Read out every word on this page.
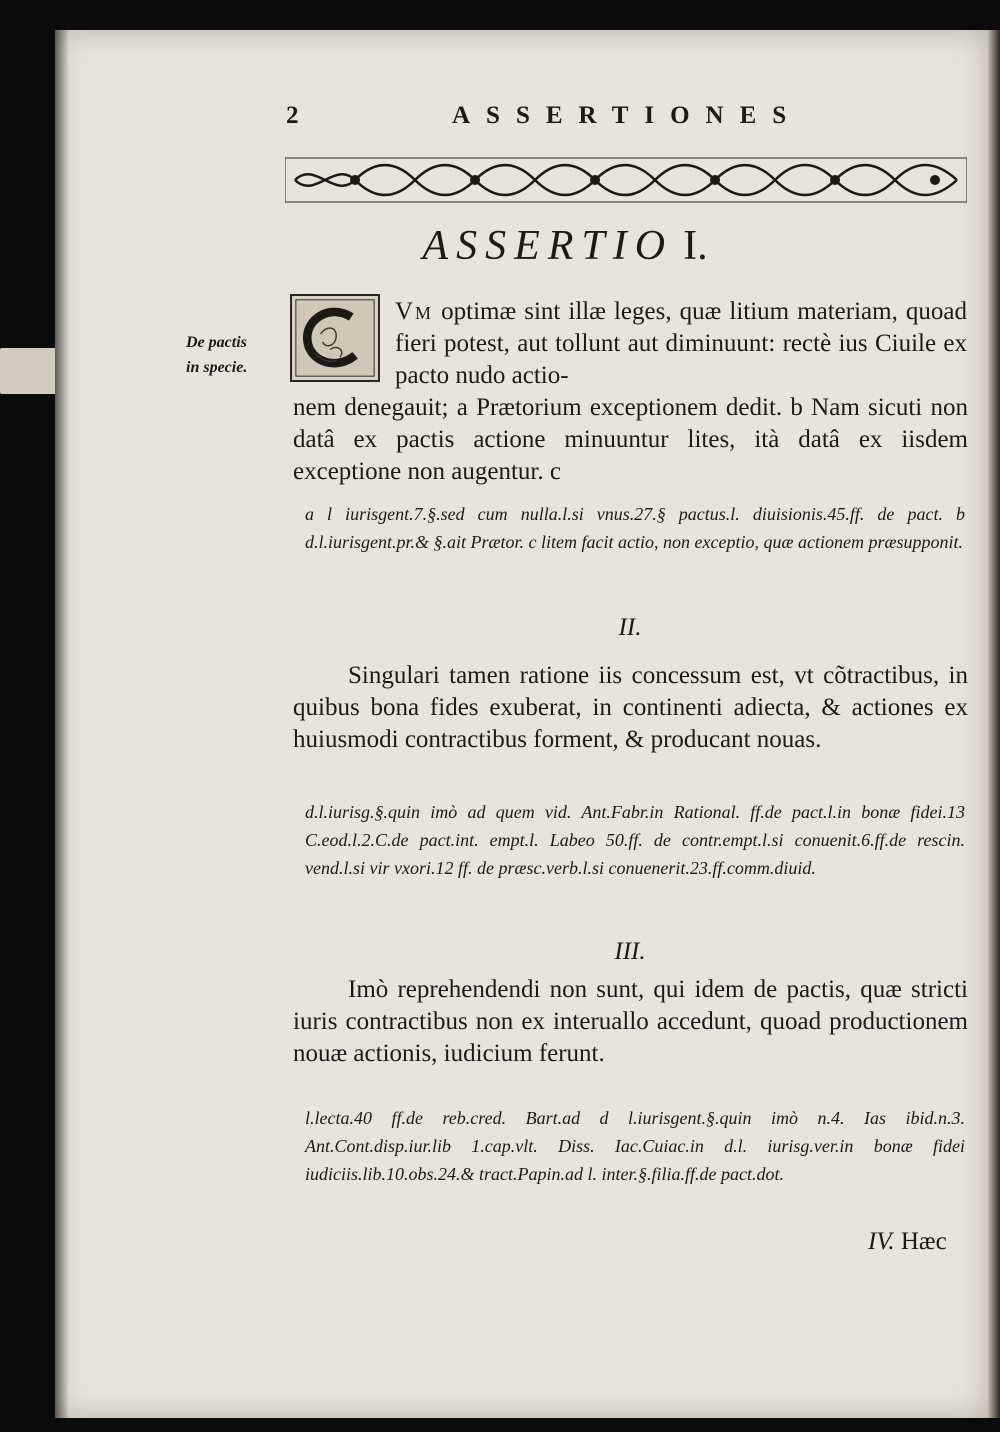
2	ASSERTIONES
ASSERTIO I.
De pactis
in specie.
Vm optimæ sint illæ leges, quæ litium materiam, quoad fieri potest, aut tollunt aut diminuunt: rectè ius Ciuile ex pacto nudo actio-
nem denegauit; a Prætorium exceptionem dedit. b Nam sicuti non datâ ex pactis actione minuuntur lites, ità datâ ex iisdem exceptione non augentur. c
a l iurisgent.7.§.sed cum nulla.l.si vnus.27.§ pactus.l. diuisionis.45.ff. de pact. b d.l.iurisgent.pr.& §.ait Prætor. c litem facit actio, non exceptio, quæ actionem præsupponit.
II.
Singulari tamen ratione iis concessum est, vt cõtractibus, in quibus bona fides exuberat, in continenti adiecta, & actiones ex huiusmodi contractibus forment, & producant nouas.
d.l.iurisg.§.quin imò ad quem vid. Ant.Fabr.in Rational. ff.de pact.l.in bonæ fidei.13 C.eod.l.2.C.de pact.int. empt.l. Labeo 50.ff. de contr.empt.l.si conuenit.6.ff.de rescin. vend.l.si vir vxori.12 ff. de præsc.verb.l.si conuenerit.23.ff.comm.diuid.
III.
Imò reprehendendi non sunt, qui idem de pactis, quæ stricti iuris contractibus non ex interuallo accedunt, quoad productionem nouæ actionis, iudicium ferunt.
l.lecta.40 ff.de reb.cred. Bart.ad d l.iurisgent.§.quin imò n.4. Ias ibid.n.3. Ant.Cont.disp.iur.lib 1.cap.vlt. Diss. Iac.Cuiac.in d.l. iurisg.ver.in bonæ fidei iudiciis.lib.10.obs.24.& tract.Papin.ad l. inter.§.filia.ff.de pact.dot.
IV. Hæc
